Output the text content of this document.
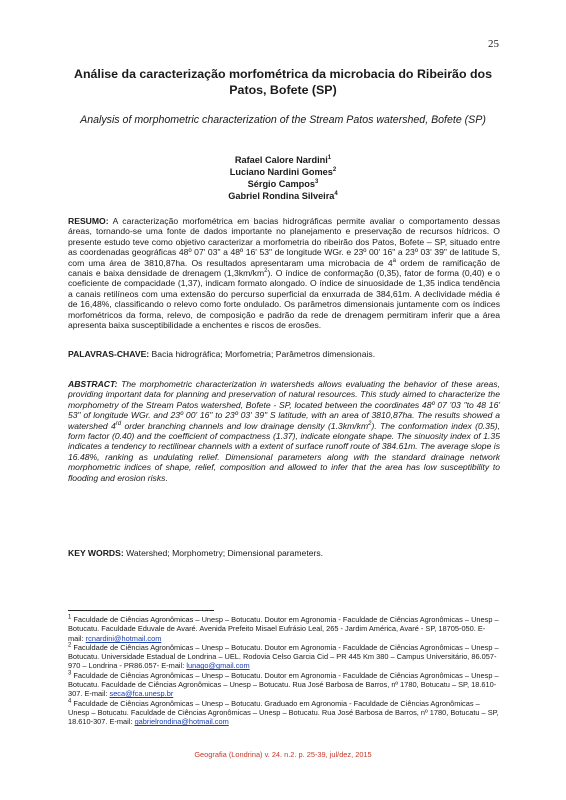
25
Análise da caracterização morfométrica da microbacia do Ribeirão dos Patos, Bofete (SP)
Analysis of morphometric characterization of the Stream Patos watershed, Bofete (SP)
Rafael Calore Nardini$^1$
Luciano Nardini Gomes$^2$
Sérgio Campos$^3$
Gabriel Rondina Silveira$^4$
RESUMO: A caracterização morfométrica em bacias hidrográficas permite avaliar o comportamento dessas áreas, tornando-se uma fonte de dados importante no planejamento e preservação de recursos hídricos. O presente estudo teve como objetivo caracterizar a morfometria do ribeirão dos Patos, Bofete – SP, situado entre as coordenadas geográficas 48º 07' 03" a 48º 16' 53" de longitude WGr. e 23º 00' 16" a 23º 03' 39" de latitude S, com uma área de 3810,87ha. Os resultados apresentaram uma microbacia de 4$^a$ ordem de ramificação de canais e baixa densidade de drenagem $(1,3km/km^2)$. O índice de conformação (0,35), fator de forma (0,40) e o coeficiente de compacidade (1,37), indicam formato alongado. O índice de sinuosidade de 1,35 indica tendência a canais retilíneos com uma extensão do percurso superficial da enxurrada de 384,61m. A declividade média é de 16,48%, classificando o relevo como forte ondulado. Os parâmetros dimensionais juntamente com os índices morfométricos da forma, relevo, de composição e padrão da rede de drenagem permitiram inferir que a área apresenta baixa susceptibilidade a enchentes e riscos de erosões.
PALAVRAS-CHAVE: Bacia hidrográfica; Morfometria; Parâmetros dimensionais.
ABSTRACT: The morphometric characterization in watersheds allows evaluating the behavior of these areas, providing important data for planning and preservation of natural resources. This study aimed to characterize the morphometry of the Stream Patos watershed, Bofete - SP, located between the coordinates 48º 07 '03 "to 48 16' 53" of longitude WGr. and 23º 00' 16" to 23º 03' 39" S latitude, with an area of 3810,87ha. The results showed a watershed 4rd order branching channels and low drainage density $(1.3km/km^2)$. The conformation index (0.35), form factor (0.40) and the coefficient of compactness (1.37), indicate elongate shape. The sinuosity index of 1.35 indicates a tendency to rectilinear channels with a extent of surface runoff route of 384.61m. The average slope is 16.48%, ranking as undulating relief. Dimensional parameters along with the standard drainage network morphometric indices of shape, relief, composition and allowed to infer that the area has low susceptibility to flooding and erosion risks.
KEY WORDS: Watershed; Morphometry; Dimensional parameters.

$^1$ Faculdade de Ciências Agronômicas – Unesp – Botucatu. Doutor em Agronomia - Faculdade de Ciências Agronômicas – Unesp – Botucatu. Faculdade Eduvale de Avaré. Avenida Prefeito Misael Eufrásio Leal, 265 - Jardim América, Avaré - SP, 18705-050. E-mail: rcnardini@hotmail.com

$^2$ Faculdade de Ciências Agronômicas – Unesp – Botucatu. Doutor em Agronomia - Faculdade de Ciências Agronômicas – Unesp – Botucatu. Universidade Estadual de Londrina – UEL. Rodovia Celso Garcia Cid – PR 445 Km 380 – Campus Universitário, 86.057-970 – Londrina - PR86.057- E-mail: lunago@gmail.com

$^3$ Faculdade de Ciências Agronômicas – Unesp – Botucatu. Doutor em Agronomia - Faculdade de Ciências Agronômicas – Unesp – Botucatu. Faculdade de Ciências Agronômicas – Unesp – Botucatu. Rua José Barbosa de Barros, nº 1780, Botucatu – SP, 18.610-307. E-mail: seca@fca.unesp.br

$^4$ Faculdade de Ciências Agronômicas – Unesp – Botucatu. Graduado em Agronomia - Faculdade de Ciências Agronômicas – Unesp – Botucatu. Faculdade de Ciências Agronômicas – Unesp – Botucatu. Rua José Barbosa de Barros, nº 1780, Botucatu – SP, 18.610-307. E-mail: gabrielrondina@hotmail.com

Geografia (Londrina) v. 24. n.2. p. 25-39, jul/dez, 2015
